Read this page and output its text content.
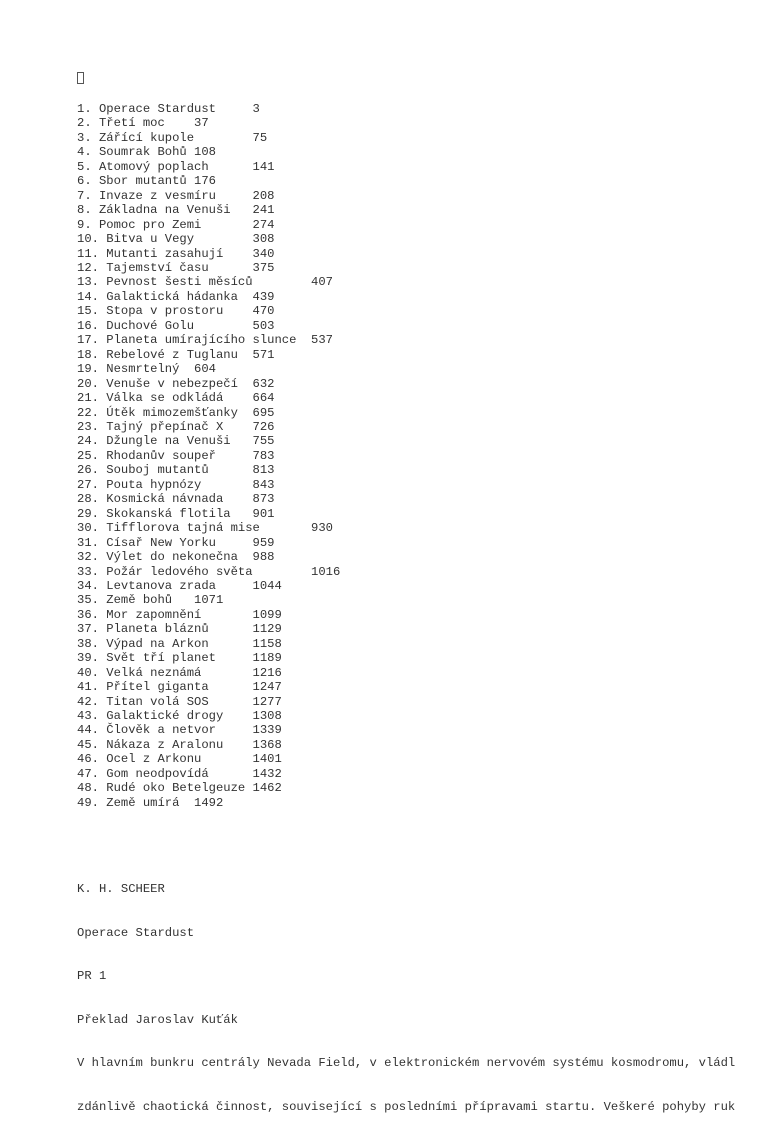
1. Operace Stardust     3
2. Třetí moc    37
3. Zářící kupole        75
4. Soumrak Bohů 108
5. Atomový poplach      141
6. Sbor mutantů 176
7. Invaze z vesmíru     208
8. Základna na Venuši   241
9. Pomoc pro Zemi       274
10. Bitva u Vegy        308
11. Mutanti zasahují    340
12. Tajemství času      375
13. Pevnost šesti měsíců        407
14. Galaktická hádanka  439
15. Stopa v prostoru    470
16. Duchové Golu        503
17. Planeta umírajícího slunce  537
18. Rebelové z Tuglanu  571
19. Nesmrtelný  604
20. Venuše v nebezpečí  632
21. Válka se odkládá    664
22. Útěk mimozemšťanky  695
23. Tajný přepínač X    726
24. Džungle na Venuši   755
25. Rhodanův soupeř     783
26. Souboj mutantů      813
27. Pouta hypnózy       843
28. Kosmická návnada    873
29. Skokanská flotila   901
30. Tifflorova tajná mise       930
31. Císař New Yorku     959
32. Výlet do nekonečna  988
33. Požár ledového světa        1016
34. Levtanova zrada     1044
35. Země bohů   1071
36. Mor zapomnění       1099
37. Planeta bláznů      1129
38. Výpad na Arkon      1158
39. Svět tří planet     1189
40. Velká neznámá       1216
41. Přítel giganta      1247
42. Titan volá SOS      1277
43. Galaktické drogy    1308
44. Člověk a netvor     1339
45. Nákaza z Aralonu    1368
46. Ocel z Arkonu       1401
47. Gom neodpovídá      1432
48. Rudé oko Betelgeuze 1462
49. Země umírá  1492

K. H. SCHEER

Operace Stardust

PR 1

Překlad Jaroslav Kuťák

V hlavním bunkru centrály Nevada Field, v elektronickém nervovém systému kosmodromu, vládl

zdánlivě chaotická činnost, související s posledními přípravami startu. Veškeré pohyby ruk
